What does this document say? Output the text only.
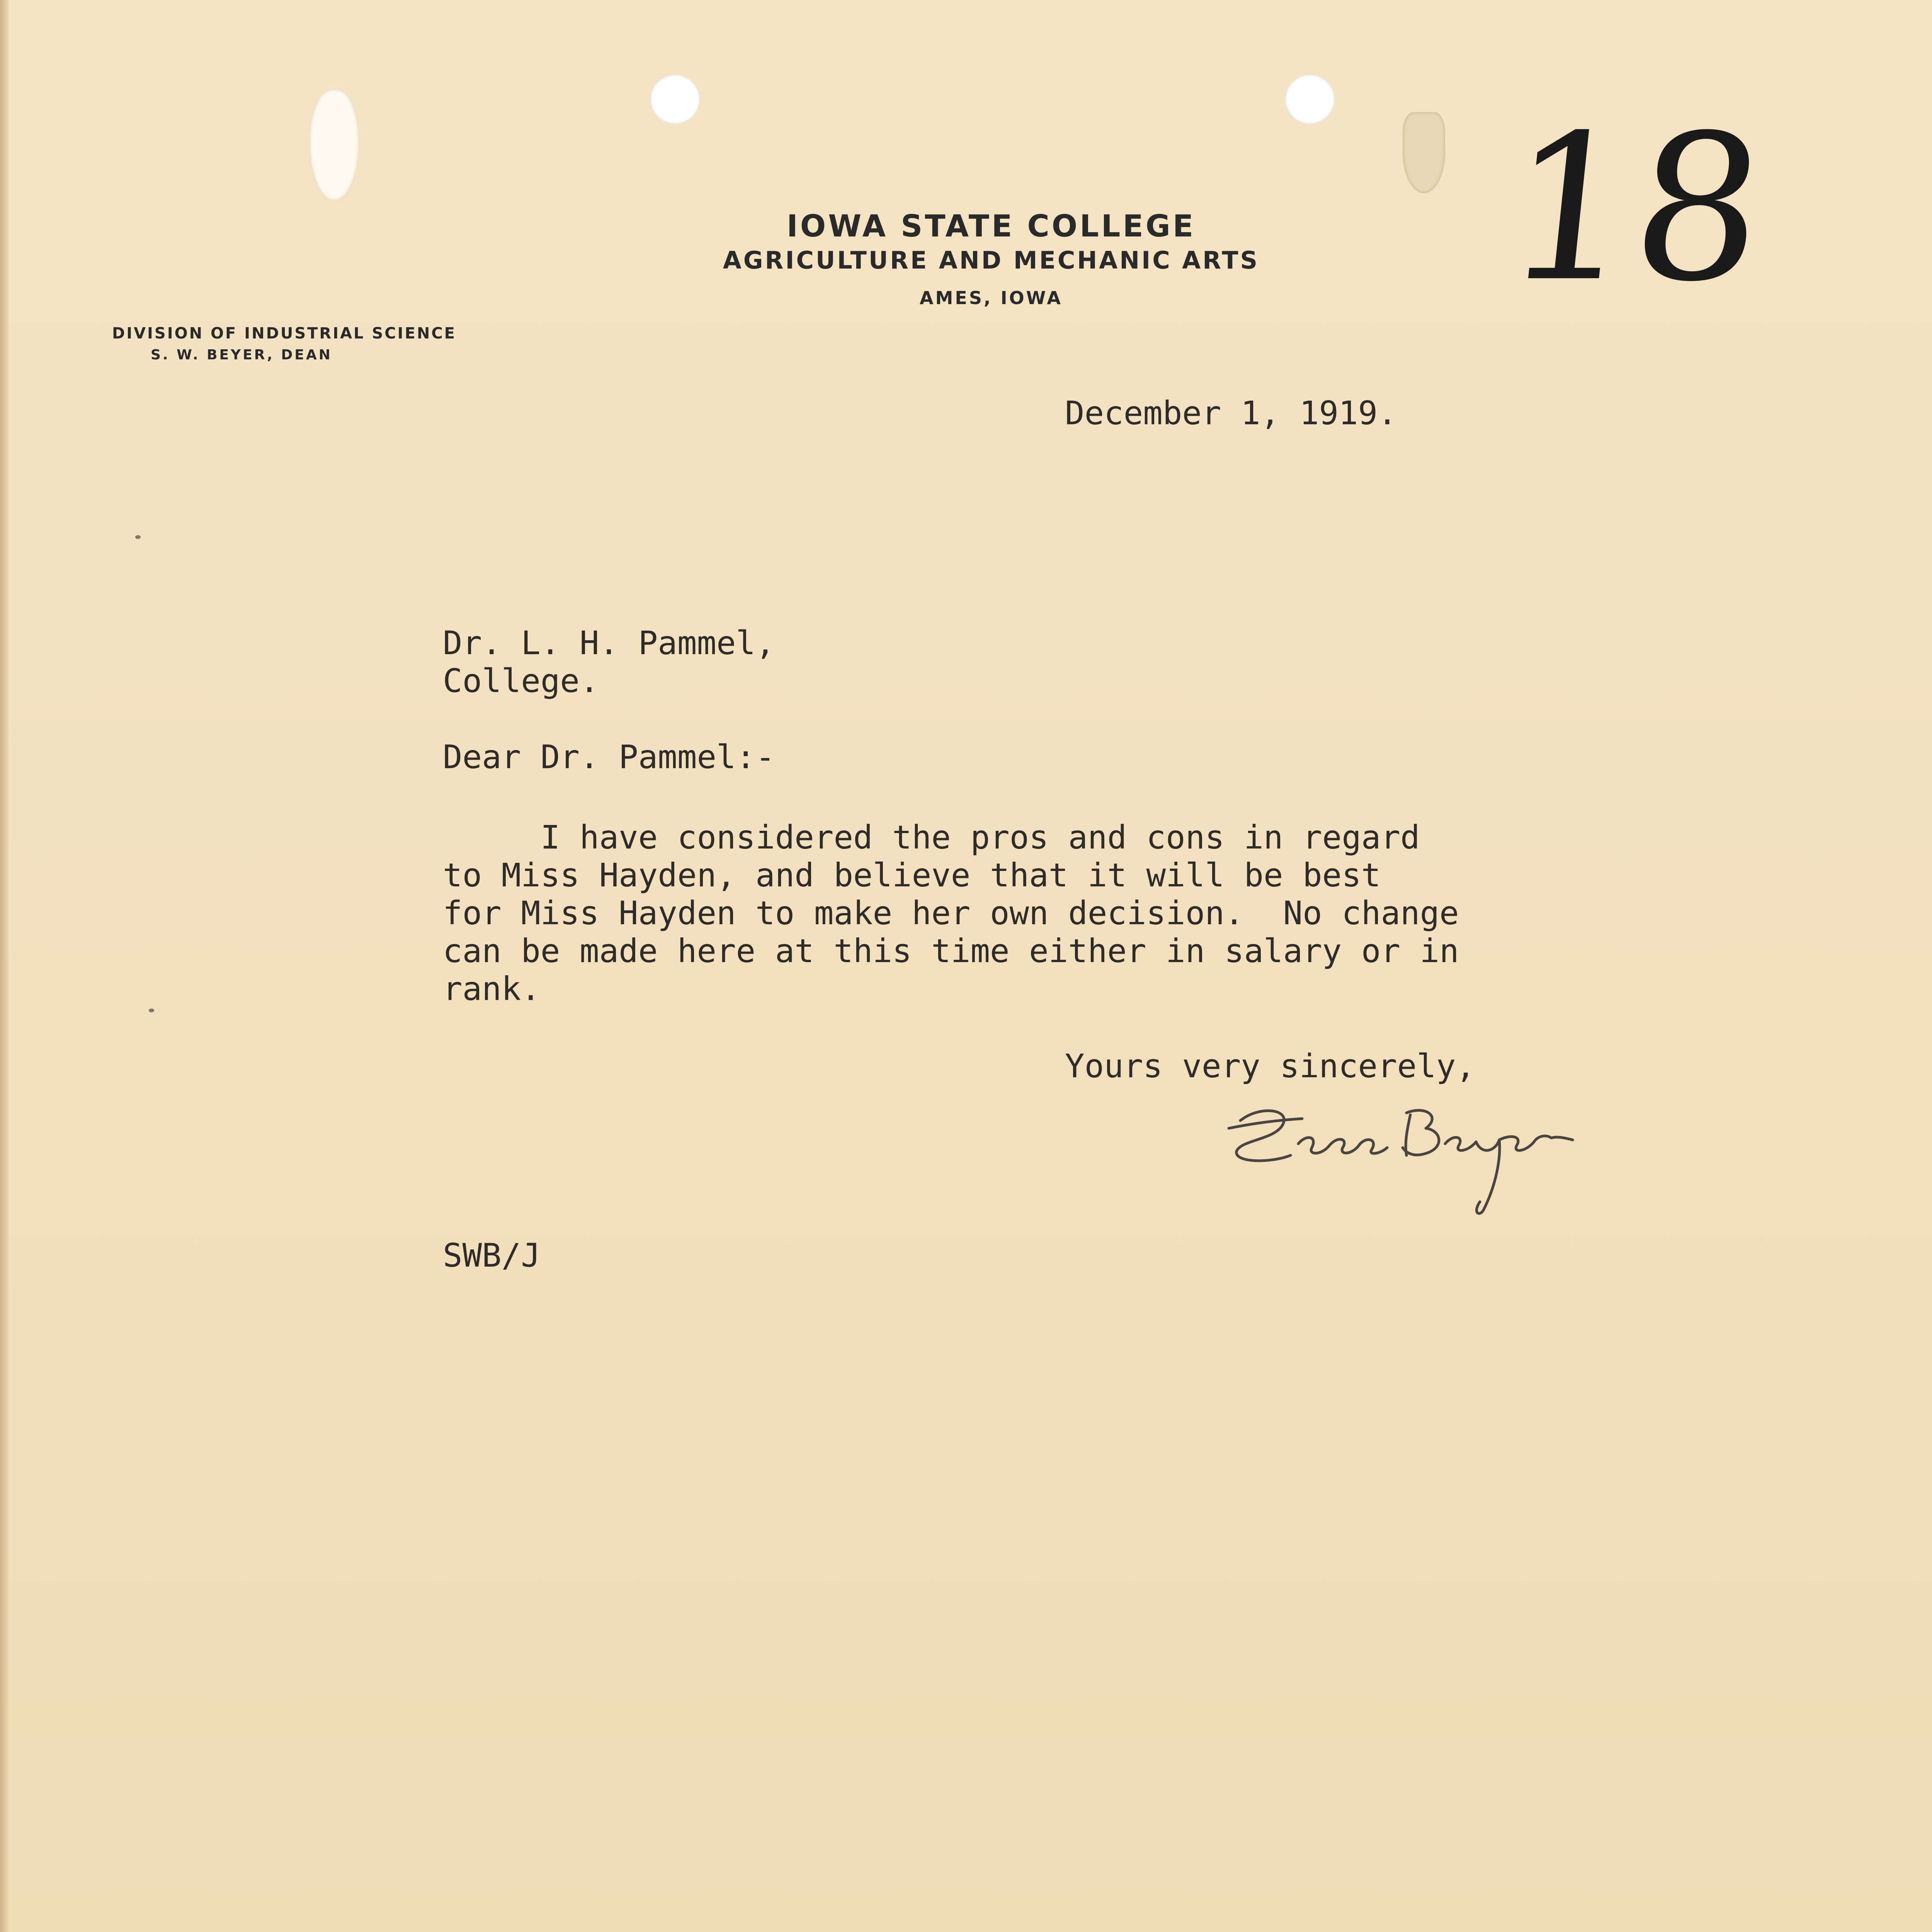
18
IOWA STATE COLLEGE
AGRICULTURE AND MECHANIC ARTS
AMES, IOWA
DIVISION OF INDUSTRIAL SCIENCE
S. W. BEYER, DEAN
December 1, 1919.
Dr. L. H. Pammel,
College.
Dear Dr. Pammel:-
I have considered the pros and cons in regard
to Miss Hayden, and believe that it will be best
for Miss Hayden to make her own decision.  No change
can be made here at this time either in salary or in
rank.
Yours very sincerely,
SWB/J
